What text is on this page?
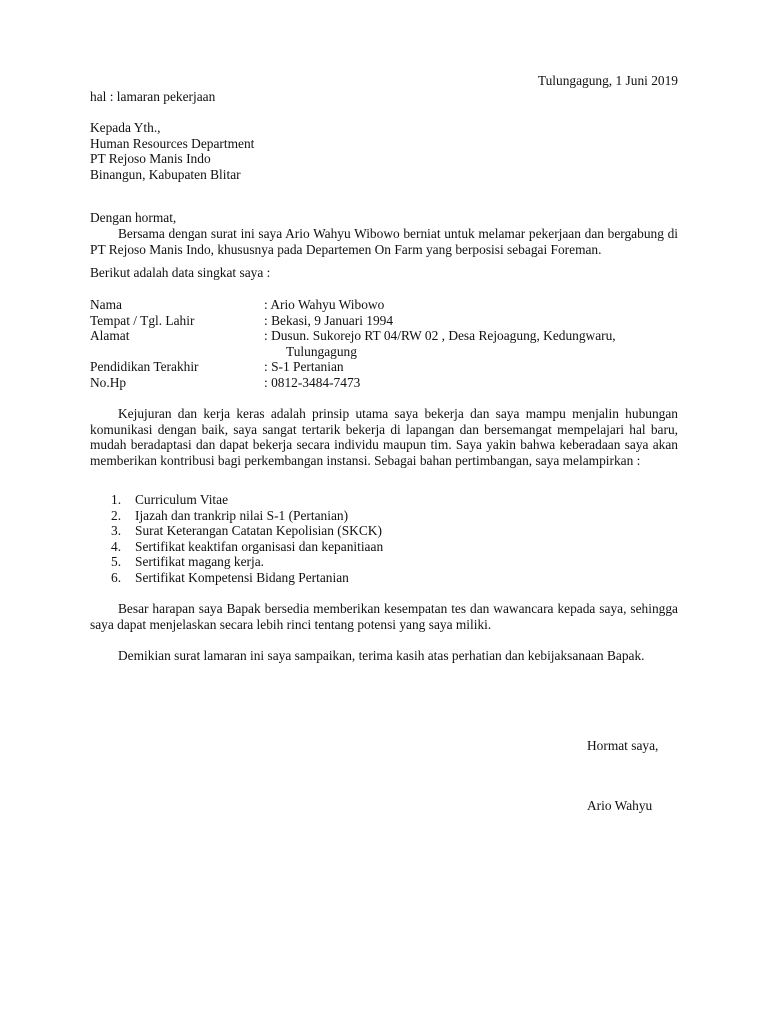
Tulungagung, 1 Juni 2019
hal : lamaran pekerjaan
Kepada Yth.,
Human Resources Department
PT Rejoso Manis Indo
Binangun, Kabupaten Blitar
Dengan hormat,
Bersama dengan surat ini saya Ario Wahyu Wibowo berniat untuk melamar pekerjaan dan bergabung di PT Rejoso Manis Indo, khususnya pada Departemen On Farm yang berposisi sebagai Foreman.
Berikut adalah data singkat saya :
Nama	: Ario Wahyu Wibowo
Tempat / Tgl. Lahir	: Bekasi, 9 Januari 1994
Alamat	: Dusun. Sukorejo RT 04/RW 02 , Desa Rejoagung, Kedungwaru,
Tulungagung
Pendidikan Terakhir	: S-1 Pertanian
No.Hp	: 0812-3484-7473
Kejujuran dan kerja keras adalah prinsip utama saya bekerja dan saya mampu menjalin hubungan komunikasi dengan baik, saya sangat tertarik bekerja di lapangan dan bersemangat mempelajari hal baru, mudah beradaptasi dan dapat bekerja secara individu maupun tim. Saya yakin bahwa keberadaan saya akan memberikan kontribusi bagi perkembangan instansi. Sebagai bahan pertimbangan, saya melampirkan :
1.	Curriculum Vitae
2.	Ijazah dan trankrip nilai S-1 (Pertanian)
3.	Surat Keterangan Catatan Kepolisian (SKCK)
4.	Sertifikat keaktifan organisasi dan kepanitiaan
5.	Sertifikat magang kerja.
6.	Sertifikat Kompetensi Bidang Pertanian
Besar harapan saya Bapak bersedia memberikan kesempatan tes dan wawancara kepada saya, sehingga saya dapat menjelaskan secara lebih rinci tentang potensi yang saya miliki.
Demikian surat lamaran ini saya sampaikan, terima kasih atas perhatian dan kebijaksanaan Bapak.
Hormat saya,
Ario Wahyu
